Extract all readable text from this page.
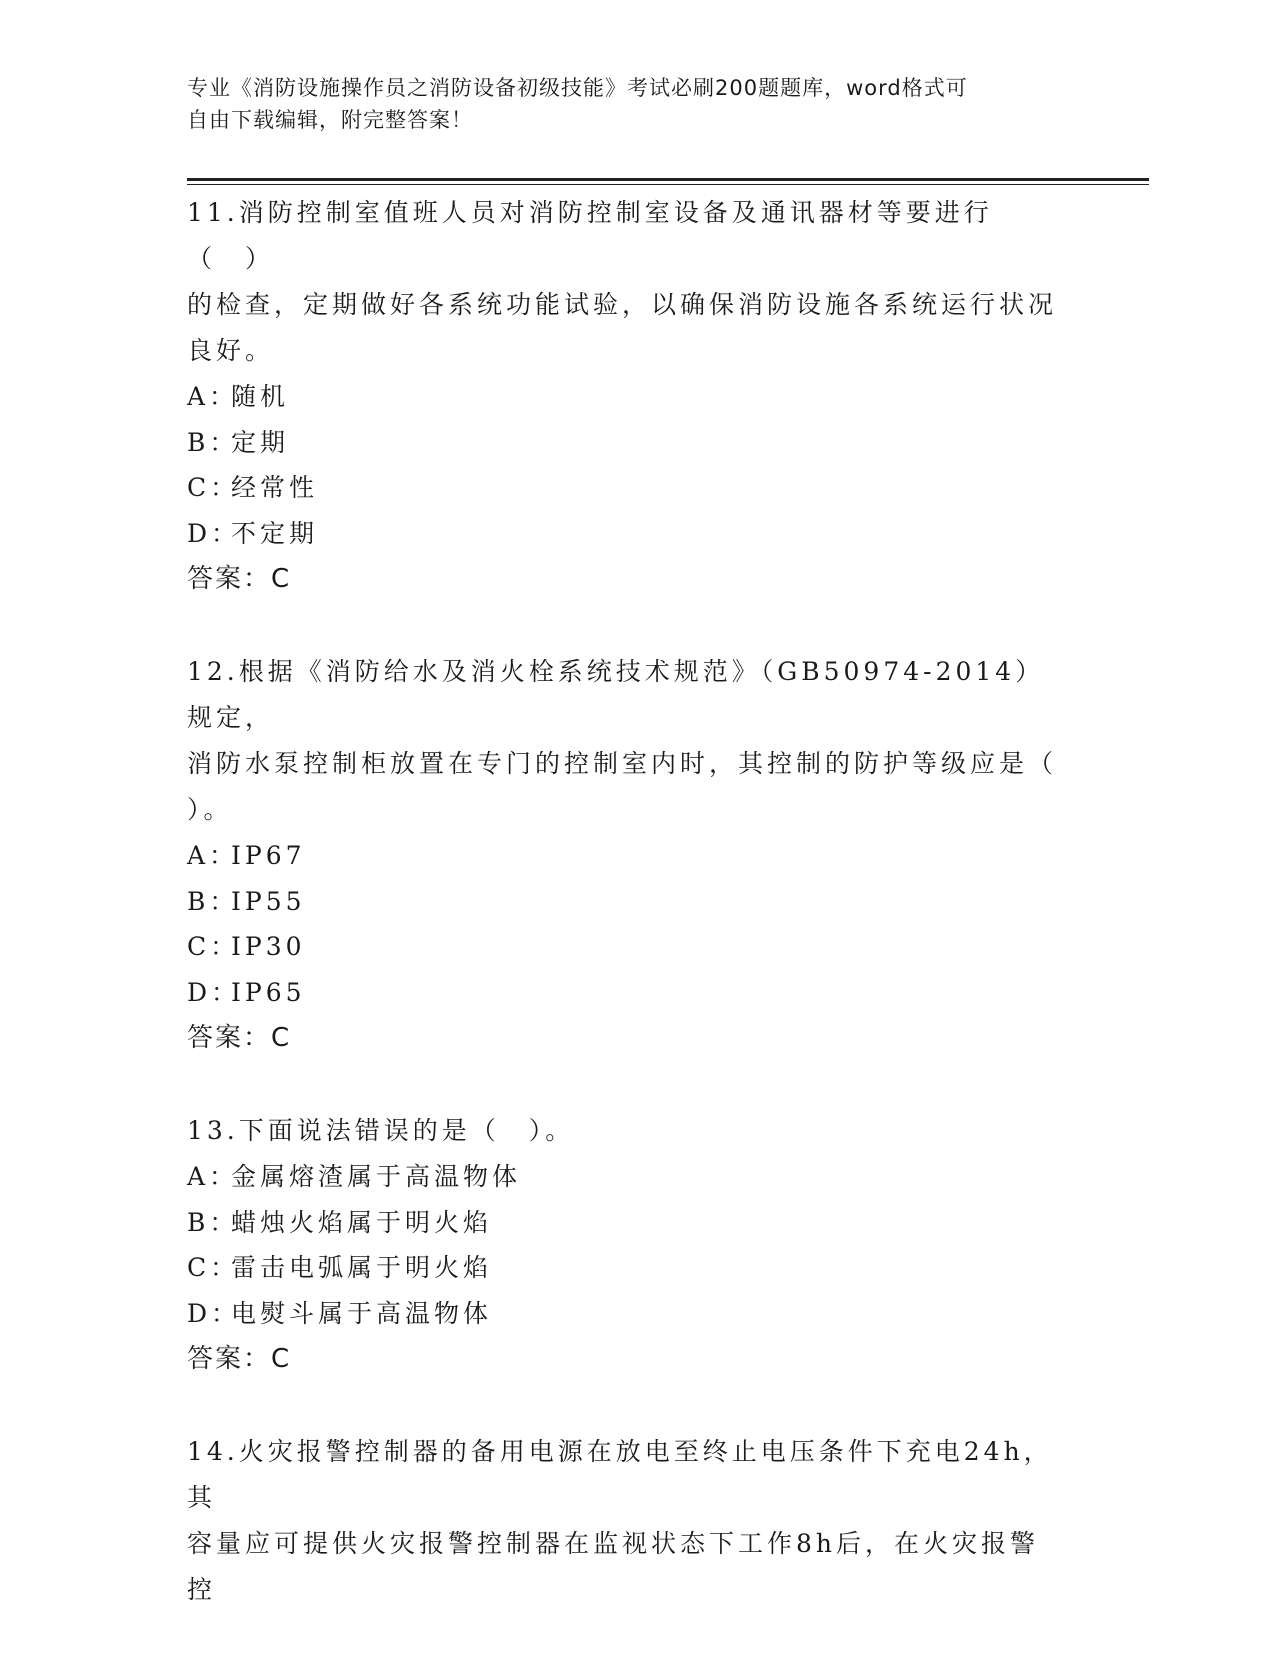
专业《消防设施操作员之消防设备初级技能》考试必刷200题题库，word格式可
自由下载编辑，附完整答案！
11.消防控制室值班人员对消防控制室设备及通讯器材等要进行（　）
的检查，定期做好各系统功能试验，以确保消防设施各系统运行状况
良好。
A：
随机
B：
定期
C：
经常性
D：
不定期
答案：C
12.根据《消防给水及消火栓系统技术规范》（GB50974-2014）规定，
消防水泵控制柜放置在专门的控制室内时，其控制的防护等级应是（
）。
A：
IP67
B：
IP55
C：
IP30
D：
IP65
答案：C
13.下面说法错误的是（　）。
A：
金属熔渣属于高温物体
B：
蜡烛火焰属于明火焰
C：
雷击电弧属于明火焰
D：
电熨斗属于高温物体
答案：C
14.火灾报警控制器的备用电源在放电至终止电压条件下充电24h，其
容量应可提供火灾报警控制器在监视状态下工作8h后，在火灾报警控
